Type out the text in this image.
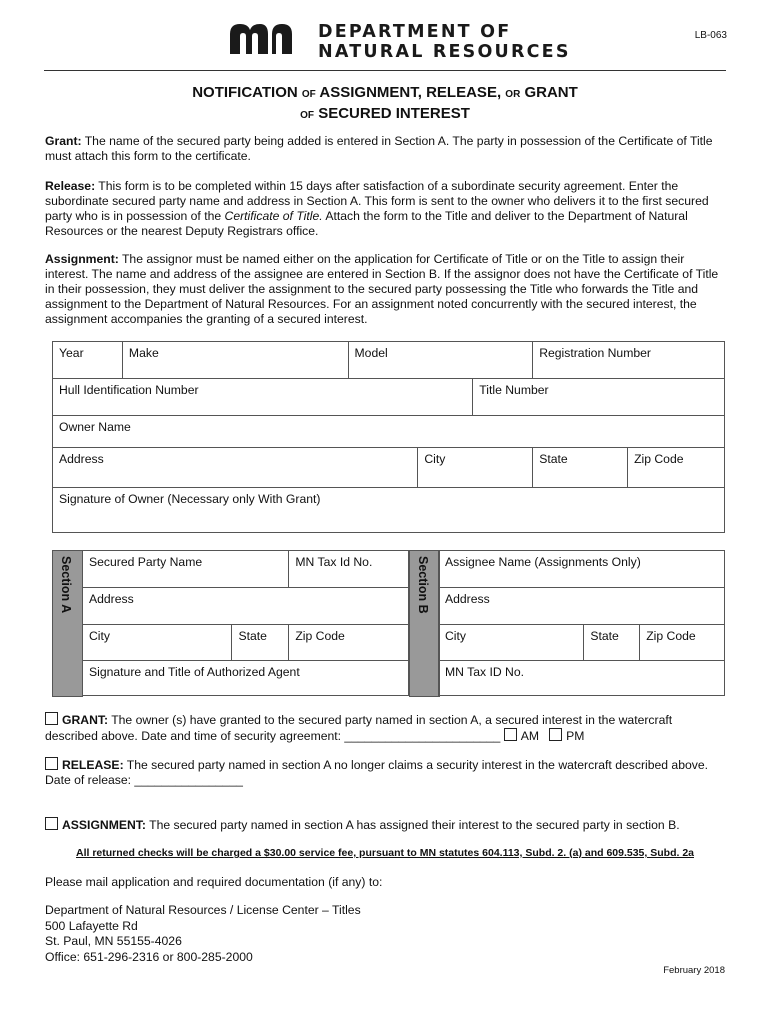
DEPARTMENT OF
NATURAL RESOURCES
LB-063
NOTIFICATION OF ASSIGNMENT, RELEASE, OR GRANT
OF SECURED INTEREST
Grant: The name of the secured party being added is entered in Section A. The party in possession of the Certificate of Title must attach this form to the certificate.
Release: This form is to be completed within 15 days after satisfaction of a subordinate security agreement. Enter the subordinate secured party name and address in Section A. This form is sent to the owner who delivers it to the first secured party who is in possession of the Certificate of Title. Attach the form to the Title and deliver to the Department of Natural Resources or the nearest Deputy Registrars office.
Assignment: The assignor must be named either on the application for Certificate of Title or on the Title to assign their interest. The name and address of the assignee are entered in Section B. If the assignor does not have the Certificate of Title in their possession, they must deliver the assignment to the secured party possessing the Title who forwards the Title and assignment to the Department of Natural Resources. For an assignment noted concurrently with the secured interest, the assignment accompanies the granting of a secured interest.
Year	Make	Model			Registration Number	
Hull Identification Number				Title Number		
Owner Name						
Address			City		State	Zip Code
Signature of Owner (Necessary only With Grant)						
Section A Secured Party Name		MN Tax Id No.
Address		
City	State	Zip Code
Signature and Title of Authorized Agent		
Section B Assignee Name (Assignments Only)
Address
City	State	Zip Code
MN Tax ID No.
GRANT: The owner (s) have granted to the secured party named in section A, a secured interest in the watercraft described above. Date and time of security agreement: _______________________ AM PM
RELEASE: The secured party named in section A no longer claims a security interest in the watercraft described above.
Date of release: ________________
ASSIGNMENT: The secured party named in section A has assigned their interest to the secured party in section B.
All returned checks will be charged a $30.00 service fee, pursuant to MN statutes 604.113, Subd. 2. (a) and 609.535, Subd. 2a
Please mail application and required documentation (if any) to:
Department of Natural Resources / License Center – Titles
500 Lafayette Rd
St. Paul, MN 55155-4026
Office: 651-296-2316 or 800-285-2000
February 2018
